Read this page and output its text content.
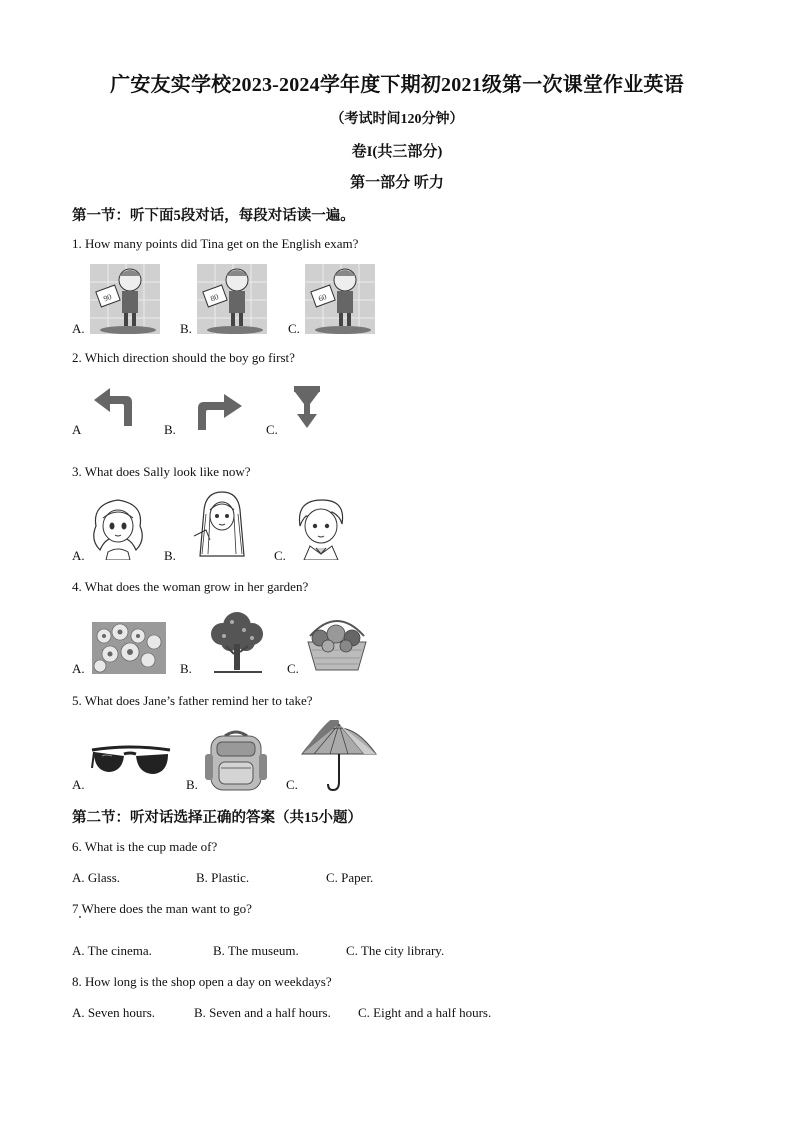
广安友实学校2023-2024学年度下期初2021级第一次课堂作业英语
（考试时间120分钟）
卷I(共三部分)
第一部分 听力
第一节：听下面5段对话，每段对话读一遍。
1. How many points did Tina get on the English exam?
A.	B.	C.
90	80	60
2. Which direction should the boy go first?
A	B.	C.
3. What does Sally look like now?
A.	B.	C.
4. What does the woman grow in her garden?
A.	B.	C.
5. What does Jane’s father remind her to take?
A.	B.	C.
第二节：听对话选择正确的答案（共15小题）
6. What is the cup made of?
A. Glass.	B. Plastic.	C. Paper.
7 Where does the man want to go?
A. The cinema.	B. The museum.	C. The city library.
8. How long is the shop open a day on weekdays?
A. Seven hours.	B. Seven and a half hours. C. Eight and a half hours.
